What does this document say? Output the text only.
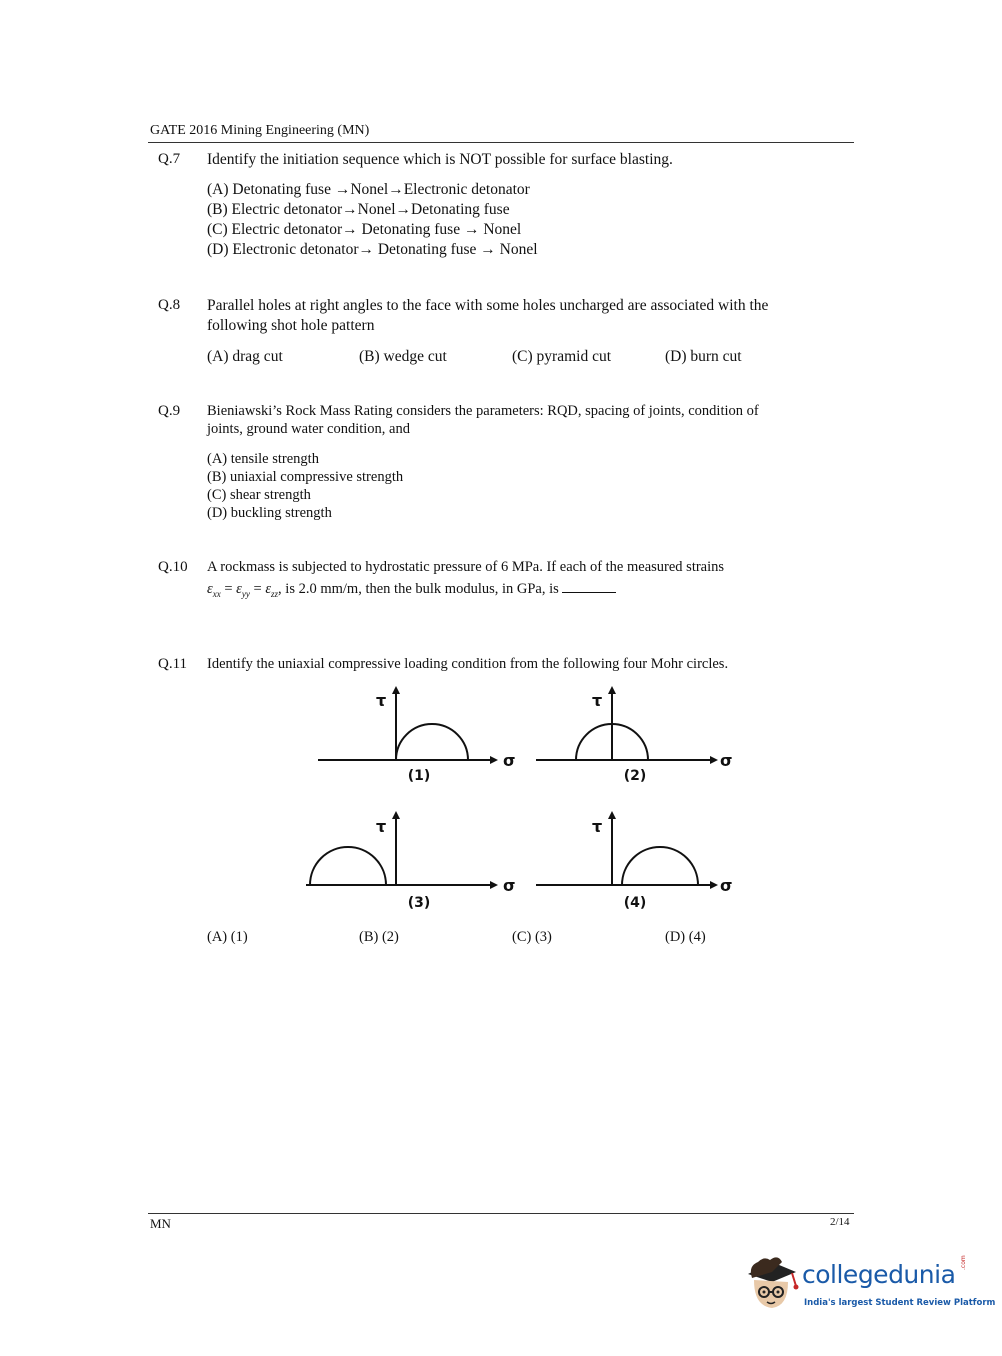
GATE 2016 Mining Engineering (MN)
Q.7 Identify the initiation sequence which is NOT possible for surface blasting.
(A) Detonating fuse →Nonel→Electronic detonator
(B) Electric detonator→Nonel→Detonating fuse
(C) Electric detonator→ Detonating fuse → Nonel
(D) Electronic detonator→ Detonating fuse → Nonel
Q.8 Parallel holes at right angles to the face with some holes uncharged are associated with the
following shot hole pattern
(A) drag cut	(B) wedge cut	(C) pyramid cut	(D) burn cut
Q.9 Bieniawski’s Rock Mass Rating considers the parameters: RQD, spacing of joints, condition of
joints, ground water condition, and
(A) tensile strength
(B) uniaxial compressive strength
(C) shear strength
(D) buckling strength
Q.10 A rockmass is subjected to hydrostatic pressure of 6 MPa. If each of the measured strains
$\varepsilon_{xx} = \varepsilon_{yy} = \varepsilon_{zz}$, is 2.0 mm/m, then the bulk modulus, in GPa, is
Q.11 Identify the uniaxial compressive loading condition from the following four Mohr circles.
τ
σ
τ
σ
τ
σ
τ
σ
(1)	(2)
(3)	(4)
(A) (1)	(B) (2)	(C) (3)	(D) (4)
MN	2/14
collegedunia .com
India's largest Student Review Platform
